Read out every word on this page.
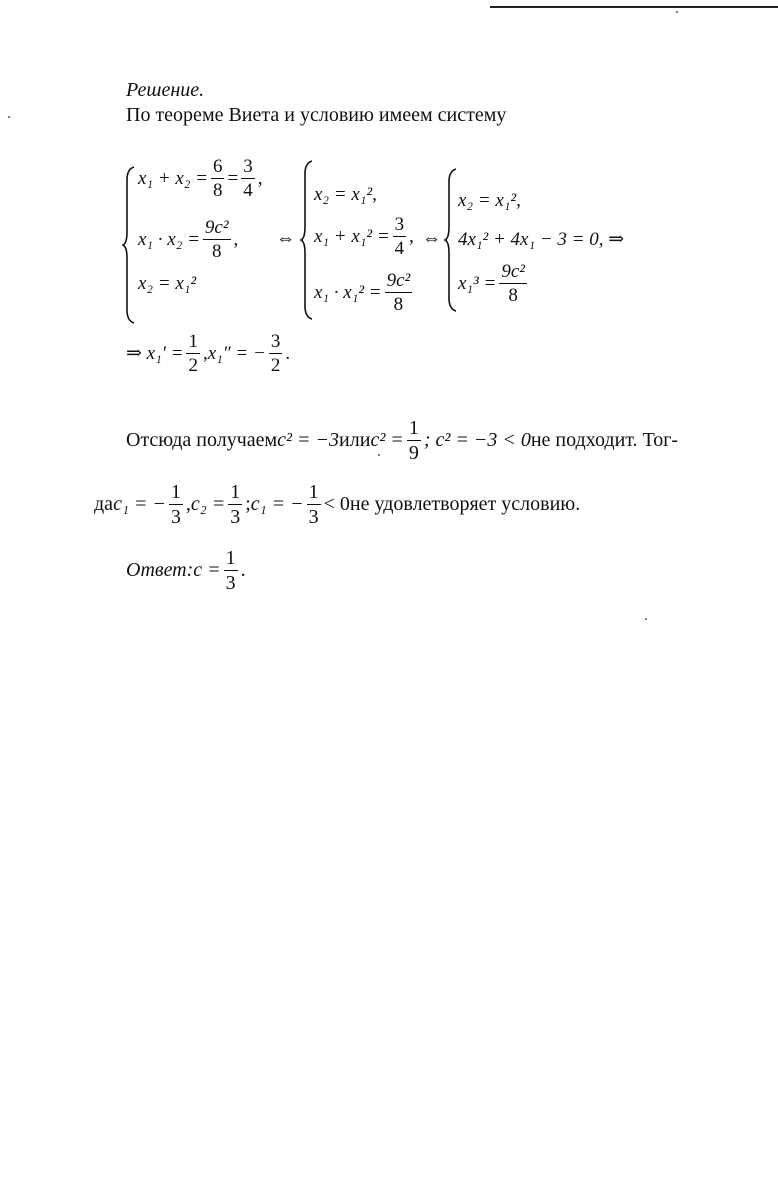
Решение.
По теореме Виета и условию имеем систему
$x_1 + x_2 = \frac{6}{8} = \frac{3}{4}$ ,
$x_1 \cdot x_2 = \frac{\text{9c²}}{8}$ ,
x₂ = x₁²
⇔
x₂ = x₁²,
$x_1 + x_1^2 = \frac{3}{4}$ ,
$x_1 \cdot x_1^2 = \frac{\text{9c²}}{8}$
⇔
x₂ = x₁²,
4x₁² + 4x₁ − 3 = 0, ⇒
$x_1^3 = \frac{\text{9c²}}{8}$
⇒
$x_1' = \frac{1}{2}$ , x₁″ = − $\frac{3}{2}$ .
Отсюда получаем c² = −3 или $c^2 = \frac{1}{9}$ ; c² = −3 < 0 не подходит. Тог-
да c₁ = − $\frac{1}{3}$ , $c_2 = \frac{1}{3}$ ; c₁ = − $\frac{1}{3} < 0$ не удовлетворяет условию.
Ответ: $c = \frac{1}{3}$ .
